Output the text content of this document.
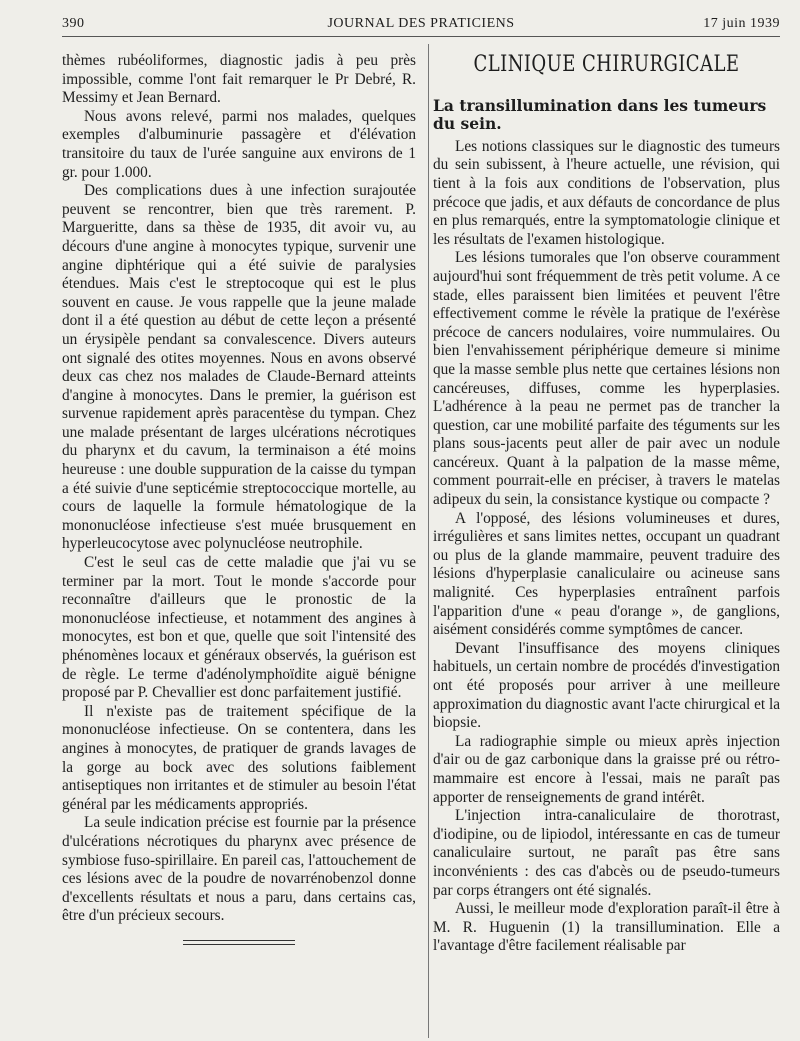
390	JOURNAL DES PRATICIENS	17 juin 1939

thèmes rubéoliformes, diagnostic jadis à peu près impossible, comme l'ont fait remarquer le Pr Debré, R. Messimy et Jean Bernard.

Nous avons relevé, parmi nos malades, quelques exemples d'albuminurie passagère et d'élévation transitoire du taux de l'urée sanguine aux environs de 1 gr. pour 1.000.

Des complications dues à une infection surajoutée peuvent se rencontrer, bien que très rarement. P. Margueritte, dans sa thèse de 1935, dit avoir vu, au décours d'une angine à monocytes typique, survenir une angine diphtérique qui a été suivie de paralysies étendues. Mais c'est le streptocoque qui est le plus souvent en cause. Je vous rappelle que la jeune malade dont il a été question au début de cette leçon a présenté un érysipèle pendant sa convalescence. Divers auteurs ont signalé des otites moyennes. Nous en avons observé deux cas chez nos malades de Claude-Bernard atteints d'angine à monocytes. Dans le premier, la guérison est survenue rapidement après paracentèse du tympan. Chez une malade présentant de larges ulcérations nécrotiques du pharynx et du cavum, la terminaison a été moins heureuse : une double suppuration de la caisse du tympan a été suivie d'une septicémie streptococcique mortelle, au cours de laquelle la formule hématologique de la mononucléose infectieuse s'est muée brusquement en hyperleucocytose avec polynucléose neutrophile.

C'est le seul cas de cette maladie que j'ai vu se terminer par la mort. Tout le monde s'accorde pour reconnaître d'ailleurs que le pronostic de la mononucléose infectieuse, et notamment des angines à monocytes, est bon et que, quelle que soit l'intensité des phénomènes locaux et généraux observés, la guérison est de règle. Le terme d'adénolymphoïdite aiguë bénigne proposé par P. Chevallier est donc parfaitement justifié.

Il n'existe pas de traitement spécifique de la mononucléose infectieuse. On se contentera, dans les angines à monocytes, de pratiquer de grands lavages de la gorge au bock avec des solutions faiblement antiseptiques non irritantes et de stimuler au besoin l'état général par les médicaments appropriés.

La seule indication précise est fournie par la présence d'ulcérations nécrotiques du pharynx avec présence de symbiose fuso-spirillaire. En pareil cas, l'attouchement de ces lésions avec de la poudre de novarrénobenzol donne d'excellents résultats et nous a paru, dans certains cas, être d'un précieux secours.

CLINIQUE CHIRURGICALE
La transillumination dans les tumeurs du sein.

Les notions classiques sur le diagnostic des tumeurs du sein subissent, à l'heure actuelle, une révision, qui tient à la fois aux conditions de l'observation, plus précoce que jadis, et aux défauts de concordance de plus en plus remarqués, entre la symptomatologie clinique et les résultats de l'examen histologique.

Les lésions tumorales que l'on observe couramment aujourd'hui sont fréquemment de très petit volume. A ce stade, elles paraissent bien limitées et peuvent l'être effectivement comme le révèle la pratique de l'exérèse précoce de cancers nodulaires, voire nummulaires. Ou bien l'envahissement périphérique demeure si minime que la masse semble plus nette que certaines lésions non cancéreuses, diffuses, comme les hyperplasies. L'adhérence à la peau ne permet pas de trancher la question, car une mobilité parfaite des téguments sur les plans sous-jacents peut aller de pair avec un nodule cancéreux. Quant à la palpation de la masse même, comment pourrait-elle en préciser, à travers le matelas adipeux du sein, la consistance kystique ou compacte ?

A l'opposé, des lésions volumineuses et dures, irrégulières et sans limites nettes, occupant un quadrant ou plus de la glande mammaire, peuvent traduire des lésions d'hyperplasie canaliculaire ou acineuse sans malignité. Ces hyperplasies entraînent parfois l'apparition d'une « peau d'orange », de ganglions, aisément considérés comme symptômes de cancer.

Devant l'insuffisance des moyens cliniques habituels, un certain nombre de procédés d'investigation ont été proposés pour arriver à une meilleure approximation du diagnostic avant l'acte chirurgical et la biopsie.

La radiographie simple ou mieux après injection d'air ou de gaz carbonique dans la graisse pré ou rétro-mammaire est encore à l'essai, mais ne paraît pas apporter de renseignements de grand intérêt.

L'injection intra-canaliculaire de thorotrast, d'iodipine, ou de lipiodol, intéressante en cas de tumeur canaliculaire surtout, ne paraît pas être sans inconvénients : des cas d'abcès ou de pseudo-tumeurs par corps étrangers ont été signalés.

Aussi, le meilleur mode d'exploration paraît-il être à M. R. Huguenin (1) la transillumination. Elle a l'avantage d'être facilement réalisable par
